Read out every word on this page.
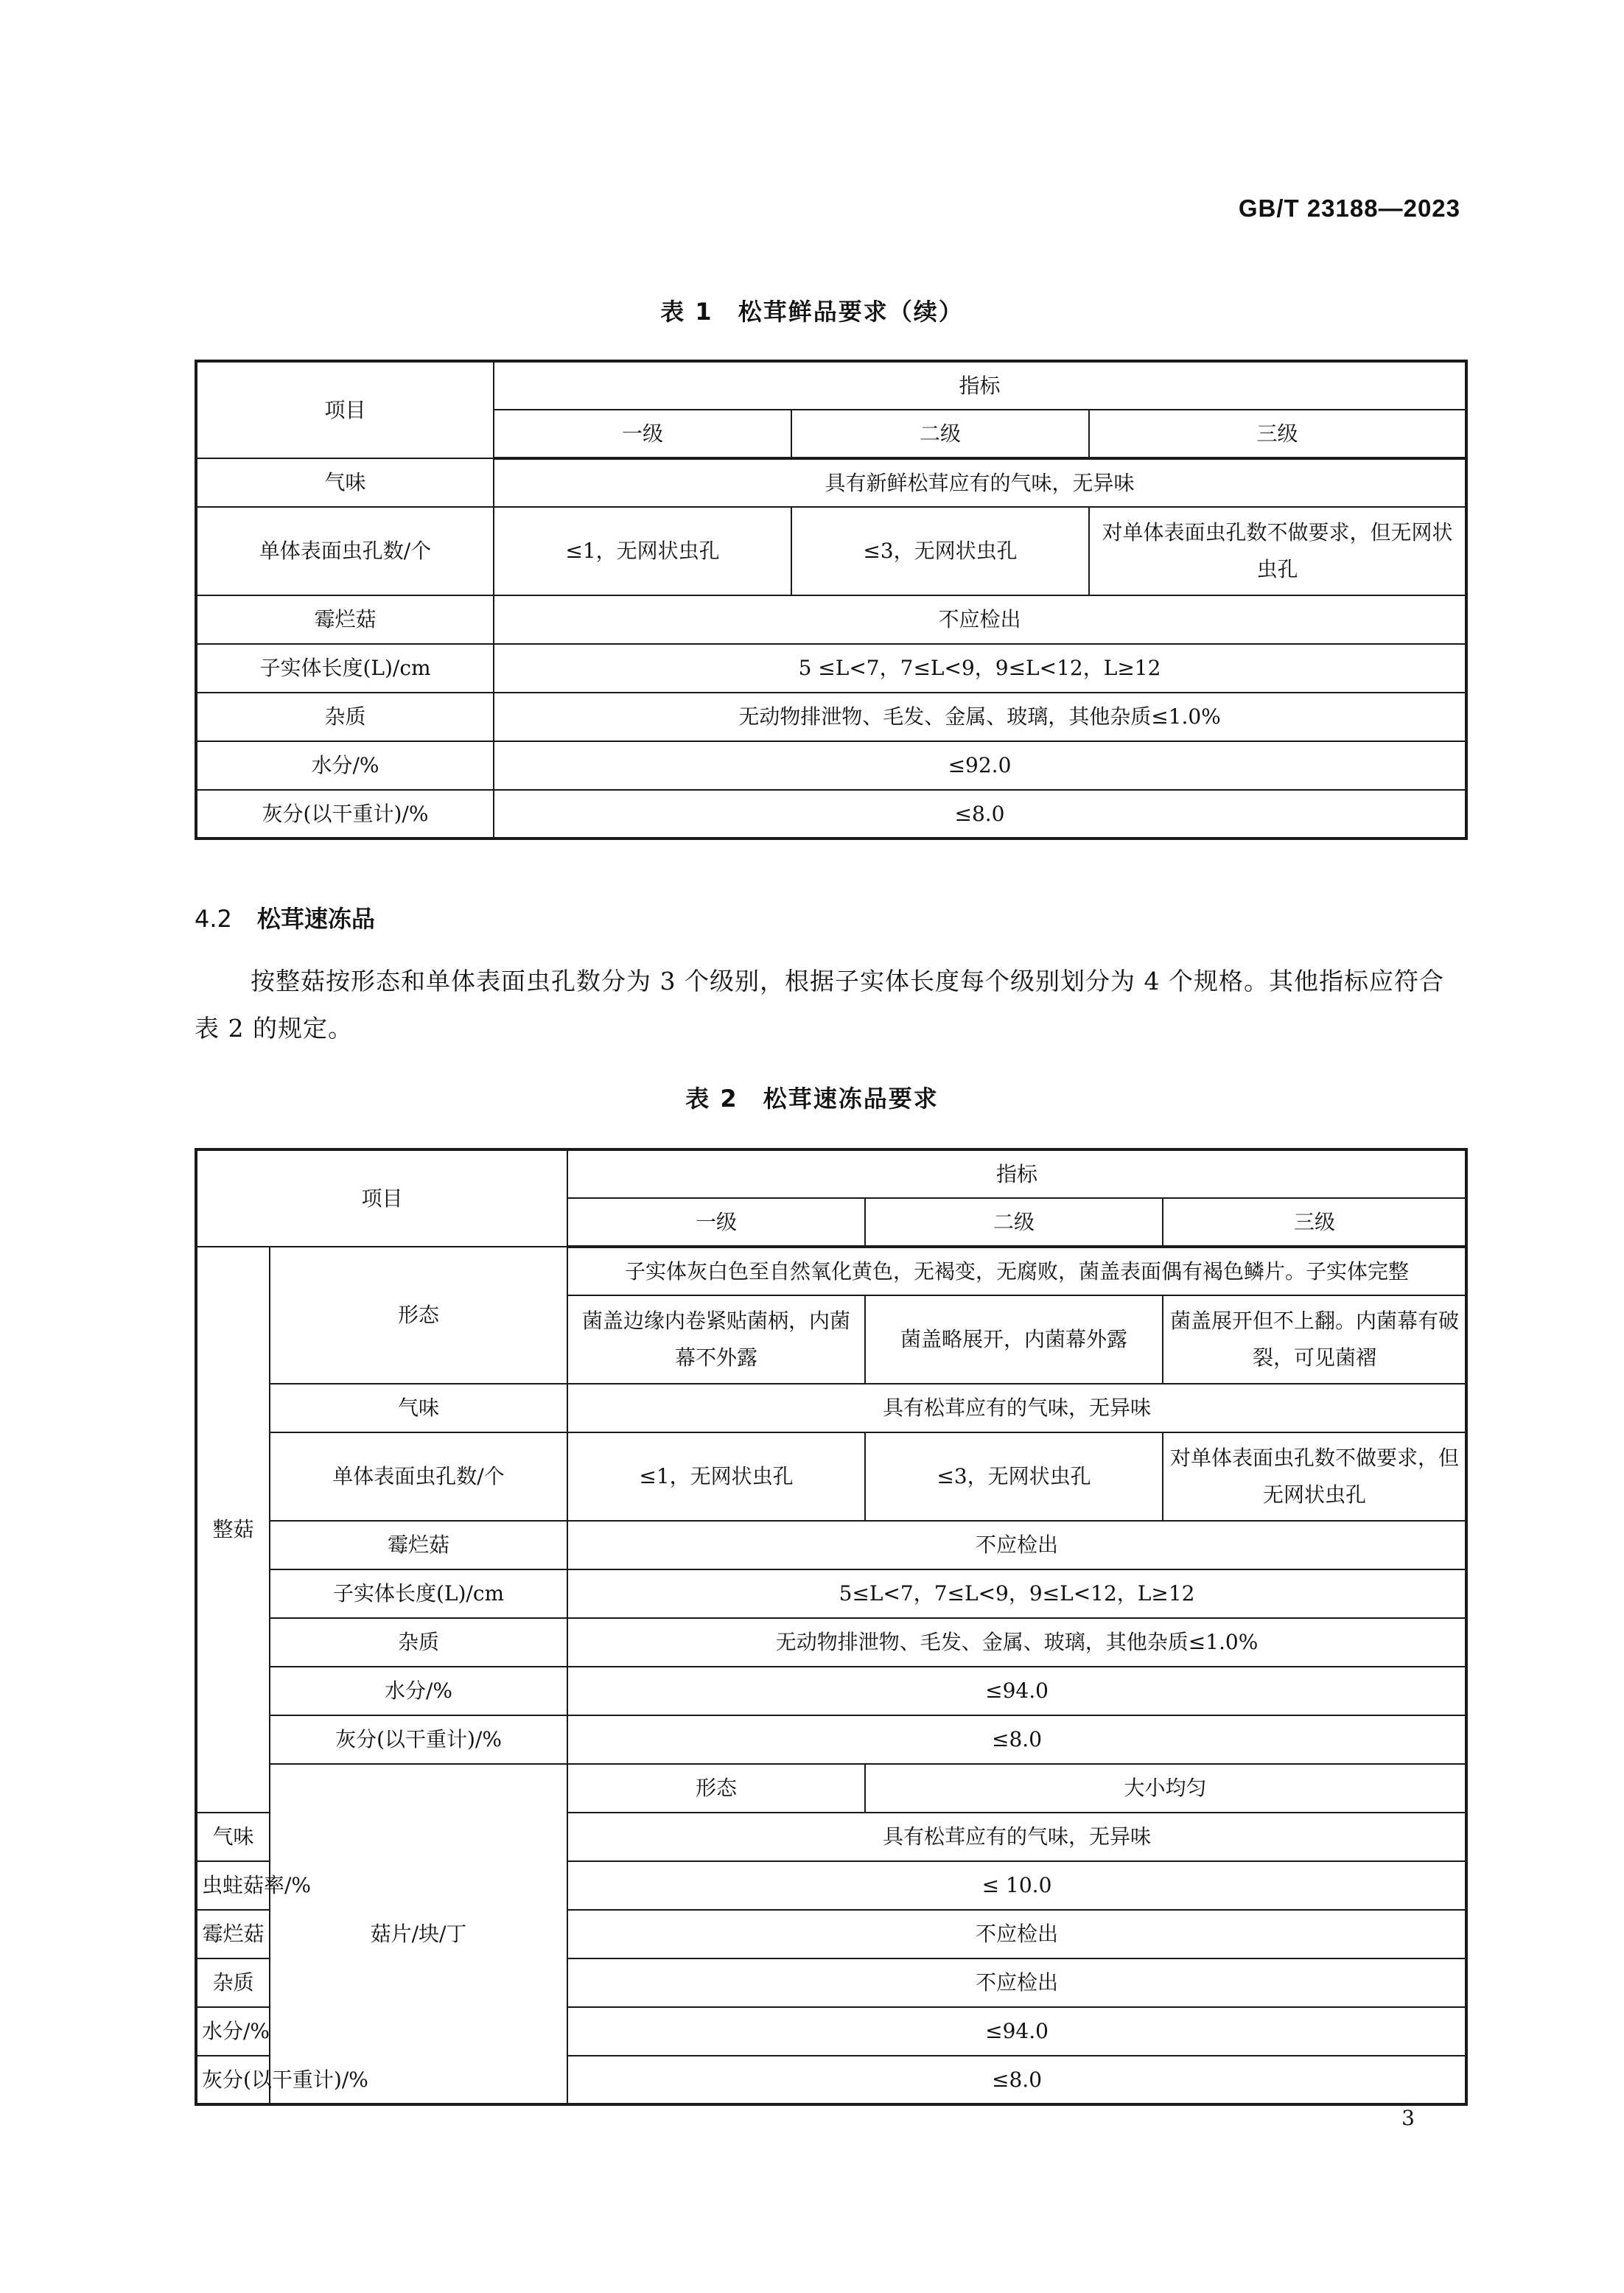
GB/T 23188—2023
表 1 松茸鲜品要求（续）
项目	指标		
	一级	二级	三级
气味	具有新鲜松茸应有的气味，无异味		
单体表面虫孔数/个	≤1，无网状虫孔	≤3，无网状虫孔	对单体表面虫孔数不做要求，但无网状虫孔
霉烂菇	不应检出		
子实体长度(L)/cm	5 ≤L<7，7≤L<9，9≤L<12，L≥12		
杂质	无动物排泄物、毛发、金属、玻璃，其他杂质≤1.0%		
水分/%	≤92.0		
灰分(以干重计)/%	≤8.0		
4.2 松茸速冻品
按整菇按形态和单体表面虫孔数分为 3 个级别，根据子实体长度每个级别划分为 4 个规格。其他指标应符合表 2 的规定。
表 2 松茸速冻品要求
项目		指标		
		一级	二级	三级
整菇	形态	子实体灰白色至自然氧化黄色，无褐变，无腐败，菌盖表面偶有褐色鳞片。子实体完整		
		菌盖边缘内卷紧贴菌柄，内菌幕不外露	菌盖略展开，内菌幕外露	菌盖展开但不上翻。内菌幕有破裂，可见菌褶
	气味	具有松茸应有的气味，无异味		
	单体表面虫孔数/个	≤1，无网状虫孔	≤3，无网状虫孔	对单体表面虫孔数不做要求，但无网状虫孔
	霉烂菇	不应检出		
	子实体长度(L)/cm	5≤L<7，7≤L<9，9≤L<12，L≥12		
	杂质	无动物排泄物、毛发、金属、玻璃，其他杂质≤1.0%		
	水分/%	≤94.0		
	灰分(以干重计)/%	≤8.0		
	菇片/块/丁	形态	大小均匀	
气味		具有松茸应有的气味，无异味		
虫蛀菇率/%		≤ 10.0		
霉烂菇		不应检出		
杂质		不应检出		
水分/%		≤94.0		
灰分(以干重计)/%		≤8.0		
3
